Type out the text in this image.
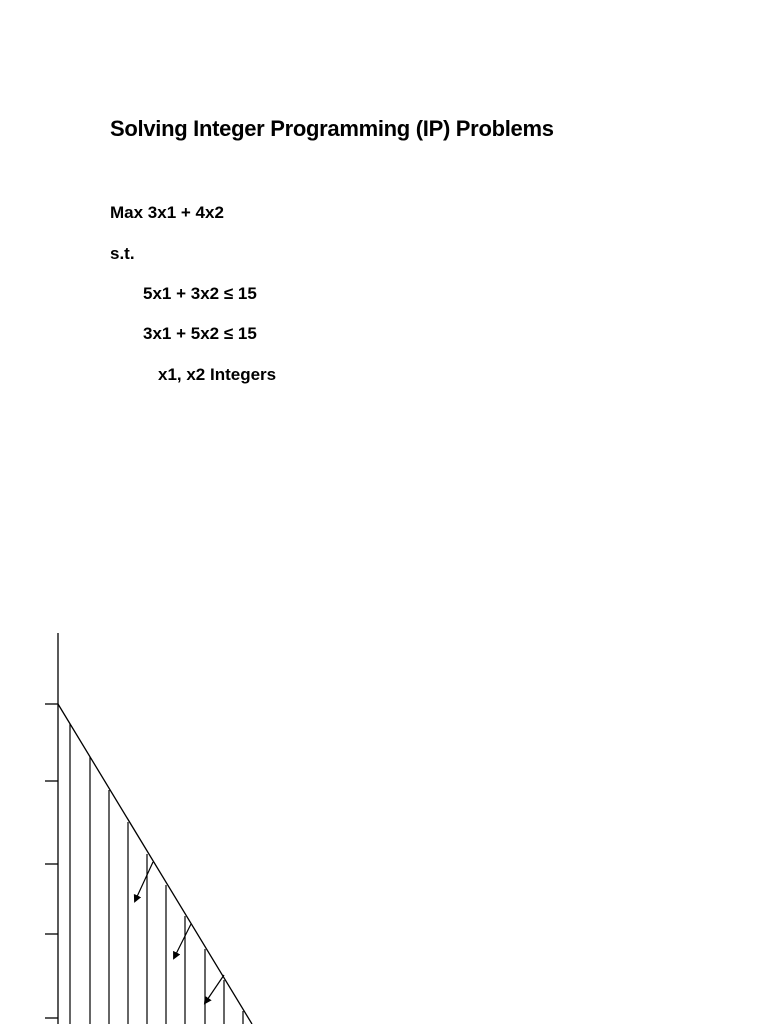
Solving Integer Programming (IP) Problems
Max 3x1 + 4x2
s.t.
5x1 + 3x2 ≤ 15
3x1 + 5x2 ≤ 15
x1, x2 Integers
